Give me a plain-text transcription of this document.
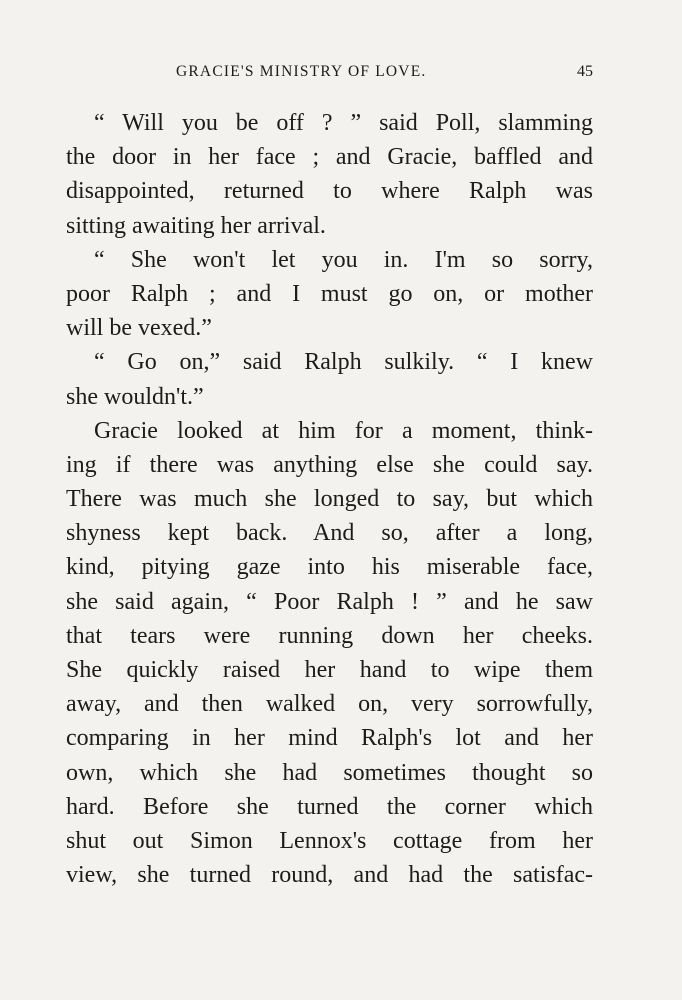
GRACIE'S MINISTRY OF LOVE.	45
“ Will you be off ? ” said Poll, slamming
the door in her face ; and Gracie, baffled and
disappointed, returned to where Ralph was
sitting awaiting her arrival.
“ She won't let you in. I'm so sorry,
poor Ralph ; and I must go on, or mother
will be vexed.”
“ Go on,” said Ralph sulkily. “ I knew
she wouldn't.”
Gracie looked at him for a moment, think-
ing if there was anything else she could say.
There was much she longed to say, but which
shyness kept back. And so, after a long,
kind, pitying gaze into his miserable face,
she said again, “ Poor Ralph ! ” and he saw
that tears were running down her cheeks.
She quickly raised her hand to wipe them
away, and then walked on, very sorrowfully,
comparing in her mind Ralph's lot and her
own, which she had sometimes thought so
hard. Before she turned the corner which
shut out Simon Lennox's cottage from her
view, she turned round, and had the satisfac-
